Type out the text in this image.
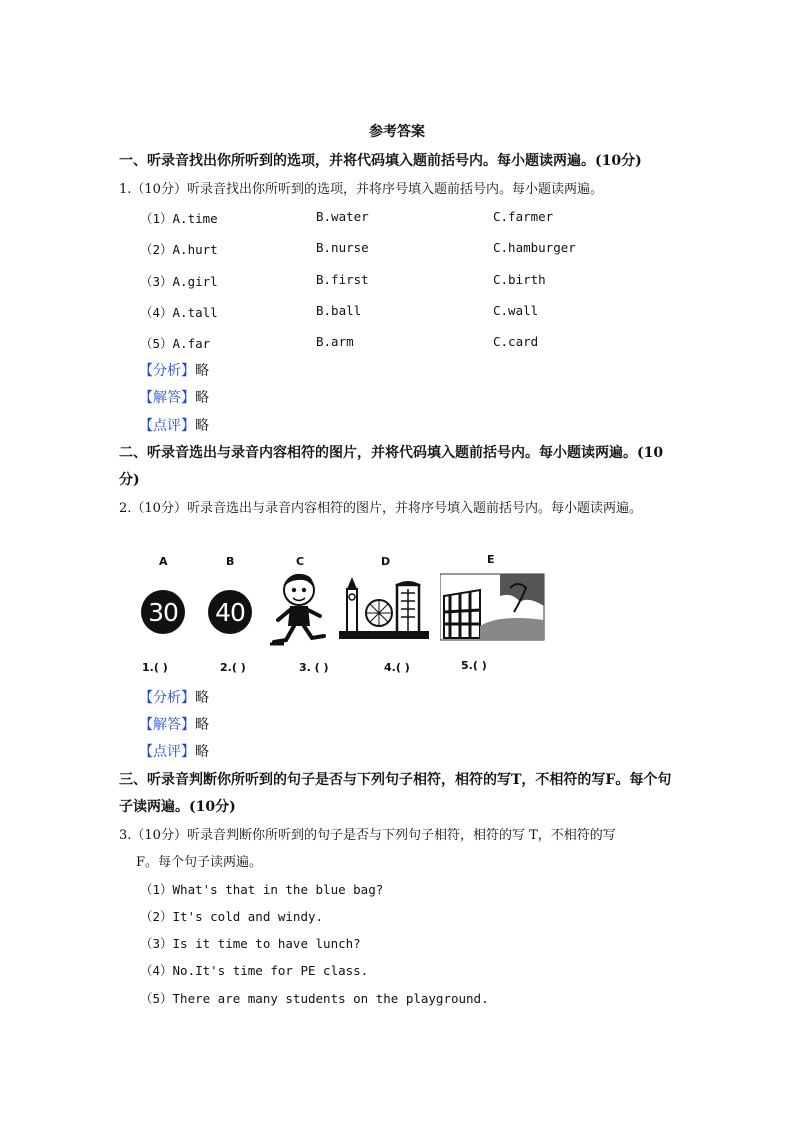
参考答案
一、听录音找出你所听到的选项，并将代码填入题前括号内。每小题读两遍。(10分)
1.（10分）听录音找出你所听到的选项，并将序号填入题前括号内。每小题读两遍。
（1）A.time	B.water	C.farmer
（2）A.hurt	B.nurse	C.hamburger
（3）A.girl	B.first	C.birth
（4）A.tall	B.ball	C.wall
（5）A.far	B.arm	C.card
【分析】略
【解答】略
【点评】略
二、听录音选出与录音内容相符的图片，并将代码填入题前括号内。每小题读两遍。(10
分)
2.（10分）听录音选出与录音内容相符的图片，并将序号填入题前括号内。每小题读两遍。
A	B	C	D	E
30 40
1.( )	2.( )	3. ( )	4.( )	5.( )
【分析】略
【解答】略
【点评】略
三、听录音判断你所听到的句子是否与下列句子相符，相符的写T，不相符的写F。每个句
子读两遍。(10分)
3.（10分）听录音判断你所听到的句子是否与下列句子相符，相符的写 T，不相符的写
F。每个句子读两遍。
（1）What's that in the blue bag?
（2）It's cold and windy.
（3）Is it time to have lunch?
（4）No.It's time for PE class.
（5）There are many students on the playground.
